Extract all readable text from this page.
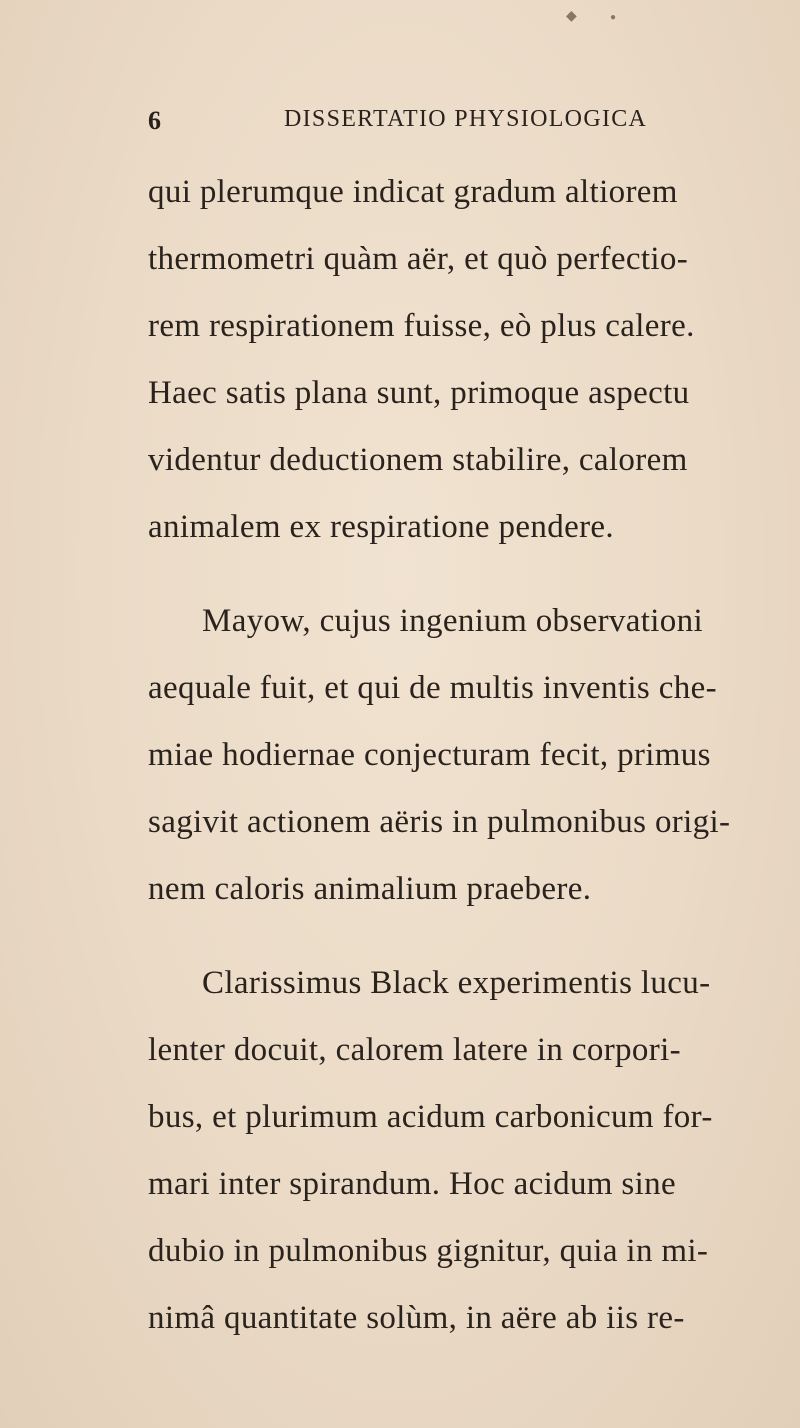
◆	●
6	DISSERTATIO PHYSIOLOGICA
qui plerumque indicat gradum altiorem
thermometri quàm aër, et quò perfectio-
rem respirationem fuisse, eò plus calere.
Haec satis plana sunt, primoque aspectu
videntur deductionem stabilire, calorem
animalem ex respiratione pendere.
Mayow, cujus ingenium observationi
aequale fuit, et qui de multis inventis che-
miae hodiernae conjecturam fecit, primus
sagivit actionem aëris in pulmonibus origi-
nem caloris animalium praebere.
Clarissimus Black experimentis lucu-
lenter docuit, calorem latere in corpori-
bus, et plurimum acidum carbonicum for-
mari inter spirandum. Hoc acidum sine
dubio in pulmonibus gignitur, quia in mi-
nimâ quantitate solùm, in aëre ab iis re-
